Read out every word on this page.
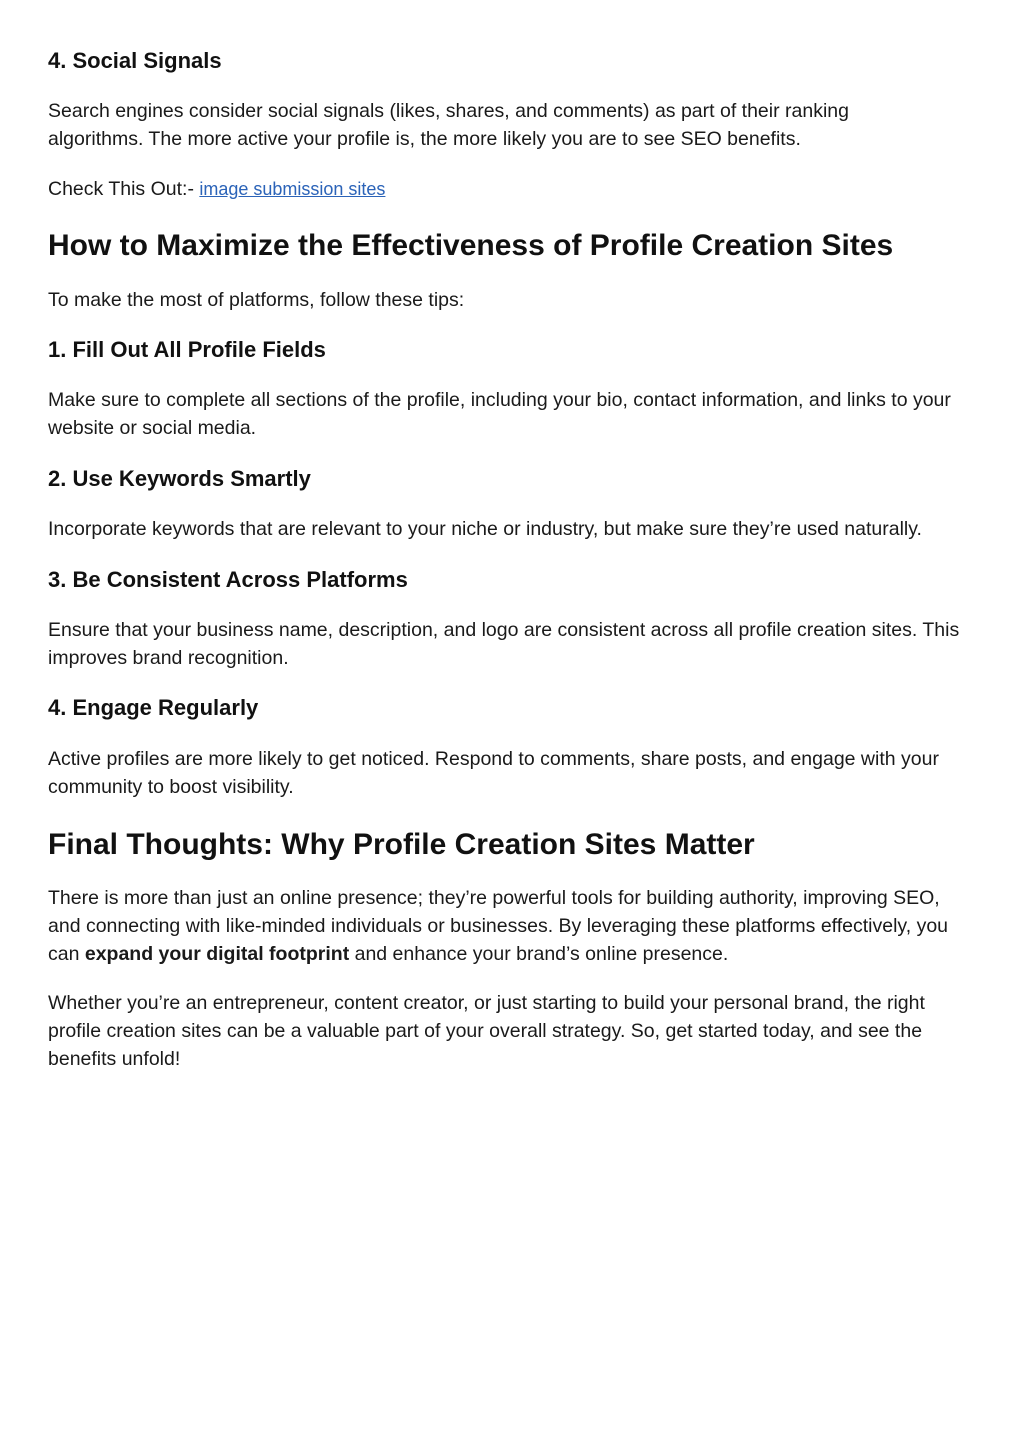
4. Social Signals

Search engines consider social signals (likes, shares, and comments) as part of their ranking algorithms. The more active your profile is, the more likely you are to see SEO benefits.

Check This Out:- image submission sites

How to Maximize the Effectiveness of Profile Creation Sites

To make the most of platforms, follow these tips:

1. Fill Out All Profile Fields

Make sure to complete all sections of the profile, including your bio, contact information, and links to your website or social media.

2. Use Keywords Smartly

Incorporate keywords that are relevant to your niche or industry, but make sure they’re used naturally.

3. Be Consistent Across Platforms

Ensure that your business name, description, and logo are consistent across all profile creation sites. This improves brand recognition.

4. Engage Regularly

Active profiles are more likely to get noticed. Respond to comments, share posts, and engage with your community to boost visibility.

Final Thoughts: Why Profile Creation Sites Matter

There is more than just an online presence; they’re powerful tools for building authority, improving SEO, and connecting with like-minded individuals or businesses. By leveraging these platforms effectively, you can expand your digital footprint and enhance your brand’s online presence.

Whether you’re an entrepreneur, content creator, or just starting to build your personal brand, the right profile creation sites can be a valuable part of your overall strategy. So, get started today, and see the benefits unfold!
